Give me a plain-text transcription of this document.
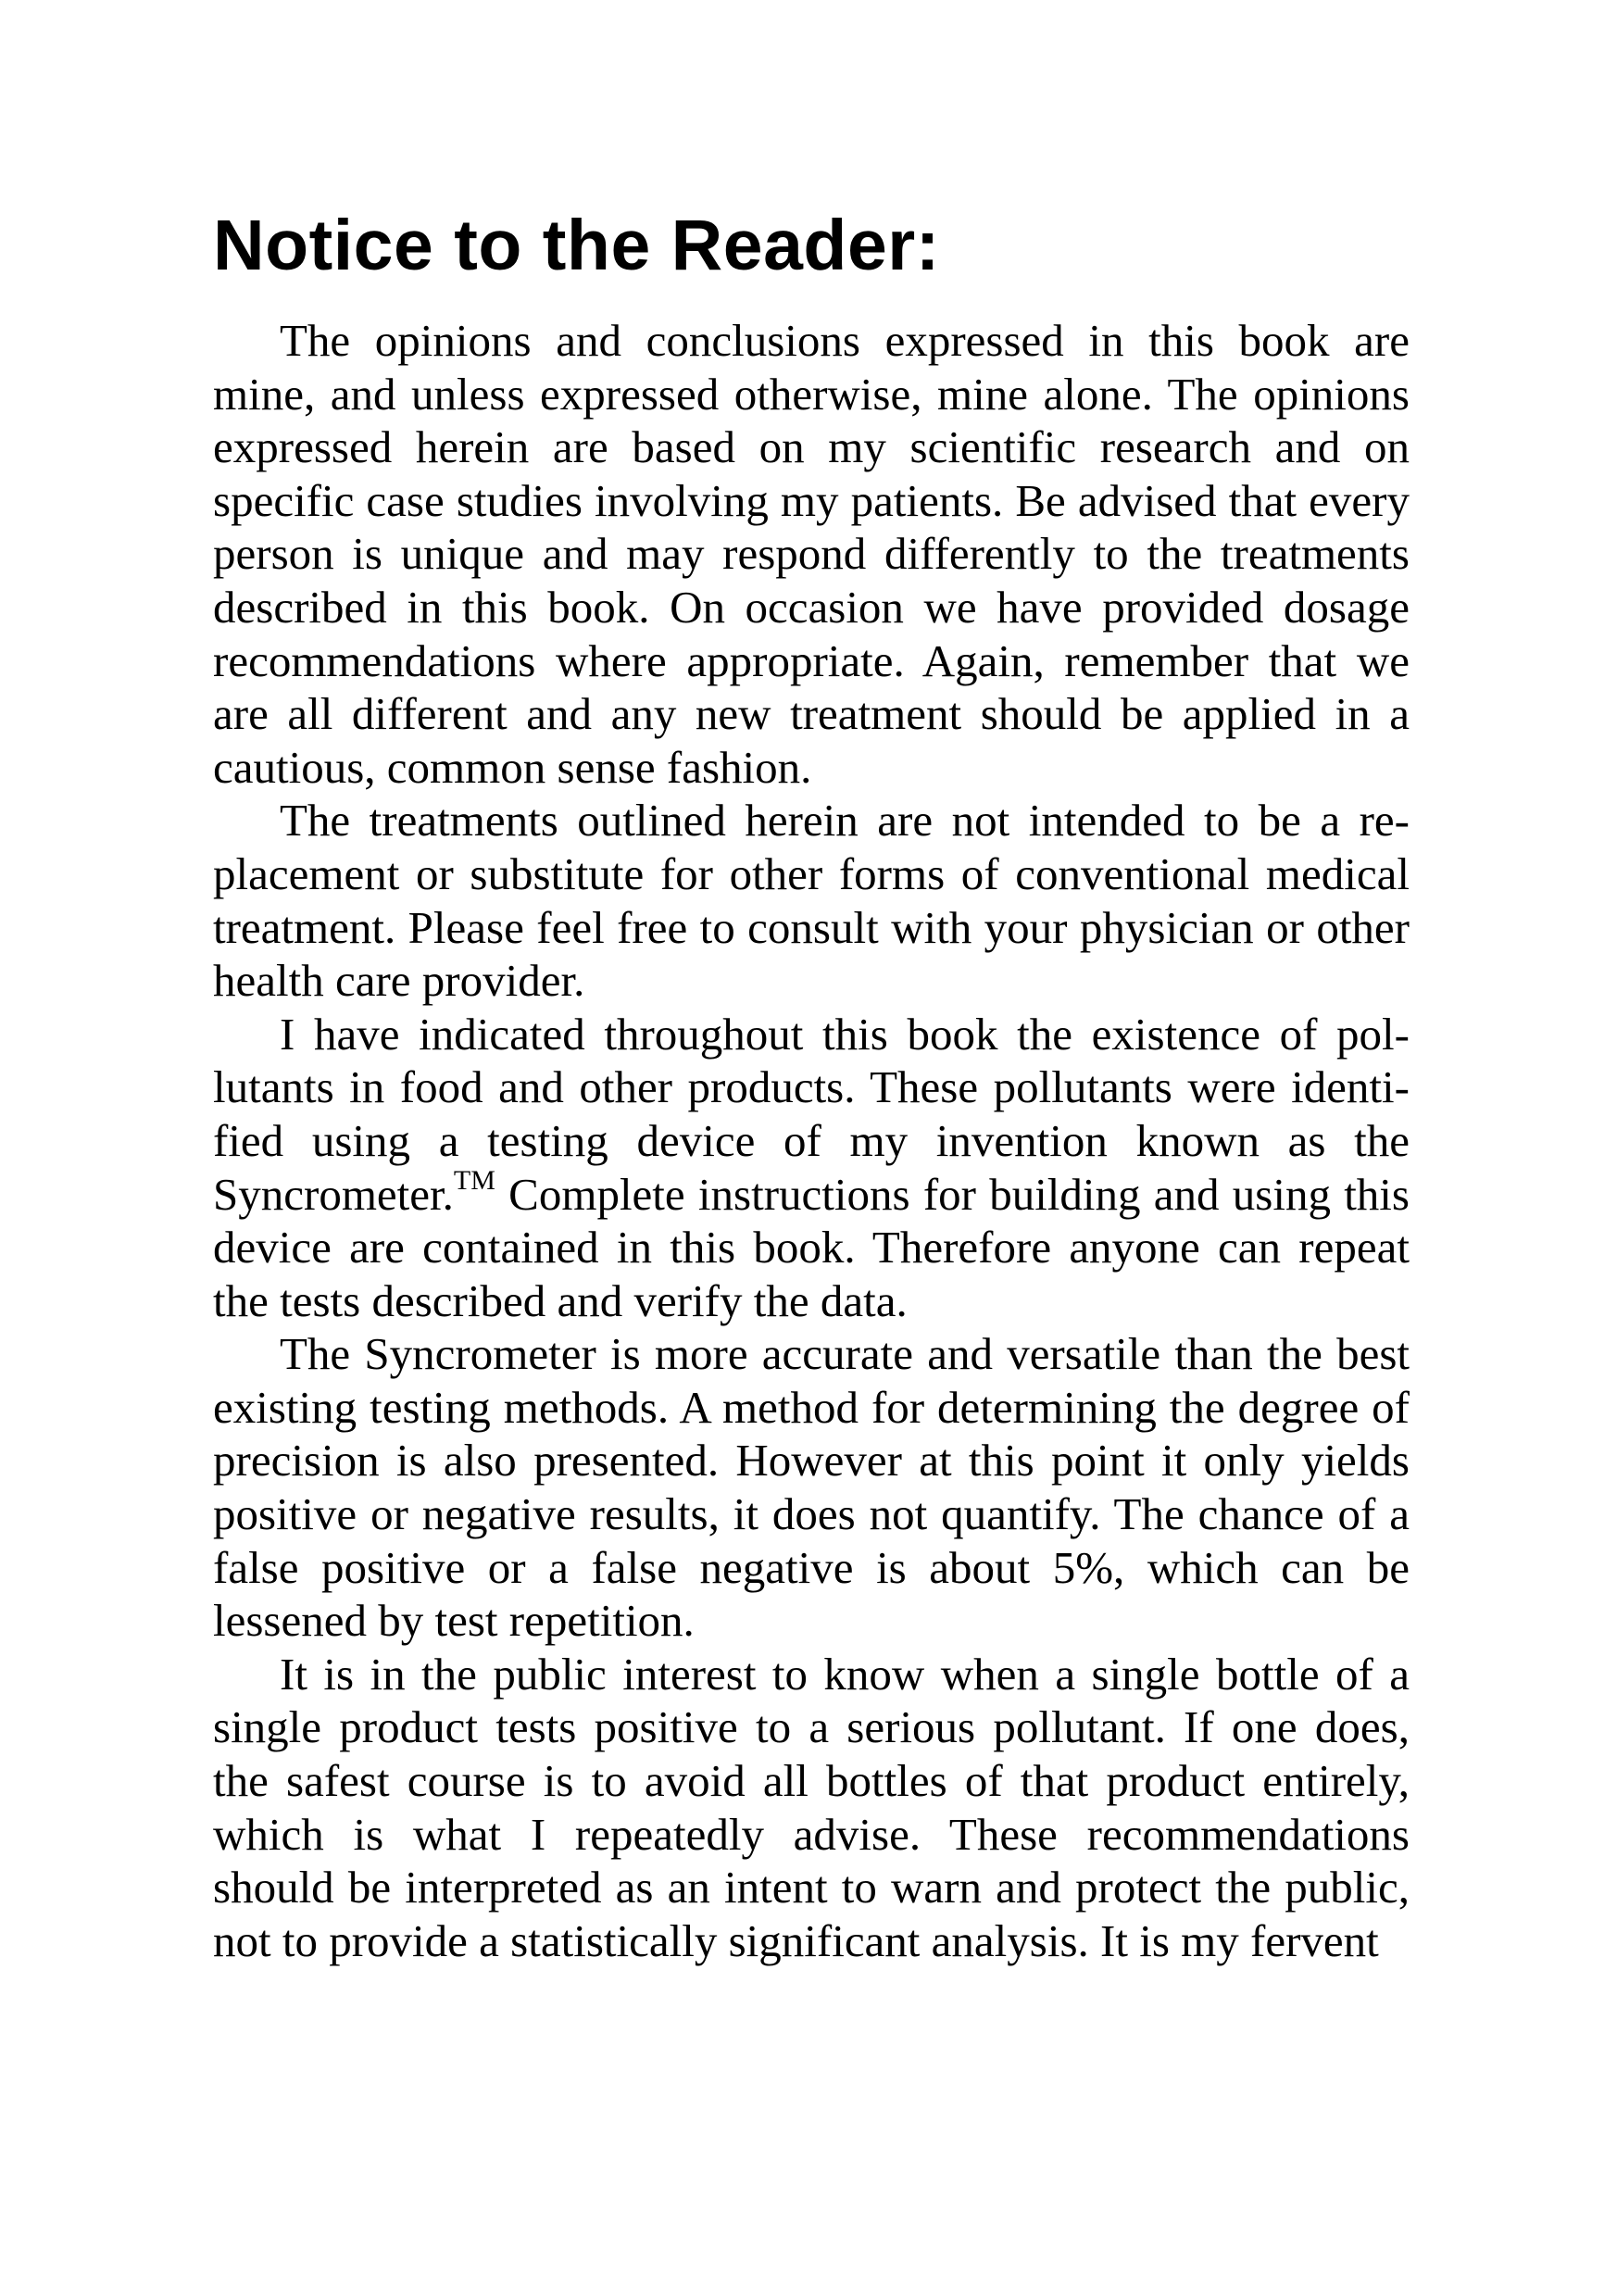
Notice to the Reader:

The opinions and conclusions expressed in this book are mine, and unless expressed otherwise, mine alone. The opinions expressed herein are based on my scientific research and on specific case studies involving my patients. Be advised that every person is unique and may respond differently to the treatments described in this book. On occasion we have provided dosage recommendations where appropriate. Again, remember that we are all different and any new treatment should be applied in a cautious, common sense fashion.

The treatments outlined herein are not intended to be a replacement or substitute for other forms of conventional medical treatment. Please feel free to consult with your physician or other health care provider.

I have indicated throughout this book the existence of pollutants in food and other products. These pollutants were identified using a testing device of my invention known as the Syncrometer.™ Complete instructions for building and using this device are contained in this book. Therefore anyone can repeat the tests described and verify the data.

The Syncrometer is more accurate and versatile than the best existing testing methods. A method for determining the degree of precision is also presented. However at this point it only yields positive or negative results, it does not quantify. The chance of a false positive or a false negative is about 5%, which can be lessened by test repetition.

It is in the public interest to know when a single bottle of a single product tests positive to a serious pollutant. If one does, the safest course is to avoid all bottles of that product entirely, which is what I repeatedly advise. These recommendations should be interpreted as an intent to warn and protect the public, not to provide a statistically significant analysis. It is my fervent
